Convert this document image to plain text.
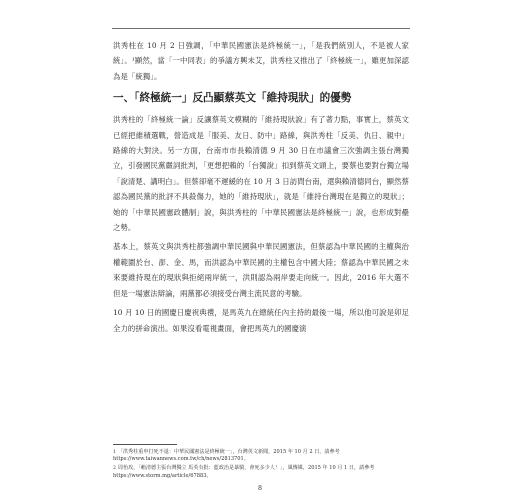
洪秀柱在 10 月 2 日強調，「中華民國憲法是終極統一」，「是我們統別人，不是被人家統」。¹顯然，當「一中同表」的爭議方興未艾，洪秀柱又推出了「終極統一」，雖更加深認為是「統獨」。

一、「終極統一」反凸顯蔡英文「維持現狀」的優勢

洪秀柱的「終極統一論」反讓蔡英文模糊的「維持現狀說」有了著力點，事實上，蔡英文已經把維積選戰，營造成是「服美、友日、防中」路線，與洪秀柱「反美、仇日、親中」路線的大對決。另一方面，台南市市長賴清德 9 月 30 日在市議會三次強調主張台灣獨立，引發國民黨嚴詞批判，「更想把賴的「台獨說」扣到蔡英文頭上，要蔡也要對台獨立場「說清楚、講明白」。但蔡卻毫不遲緩的在 10 月 3 日訪問台南，還與賴清德同台，顯然蔡認為國民黨的批評不具殺傷力，她的「維持現狀」，就是「維持台灣現在是獨立的現狀」；她的「中華民國憲政體制」說，與洪秀柱的「中華民國憲法是終極統一」說，也形成對壘之勢。

基本上，蔡英文與洪秀柱都強調中華民國與中華民國憲法，但蔡認為中華民國的主權與治權範圍於台、澎、金、馬，而洪認為中華民國的主權包含中國大陸；蔡認為中華民國之未來要維持現在的現狀與拒絕兩岸統一，洪則認為兩岸要走向統一。因此，2016 年大選不但是一場憲法辯論，兩黨都必須接受台灣主流民意的考驗。

10 月 10 日的國慶日慶祝典禮，是馬英九在總統任內主持的最後一場，所以他可說是卯足全力的拼命演出。如果沒看電視畫面，會把馬英九的國慶演

1 「洪秀柱重申打死不退：中華民國憲法是終極統一」，台灣英文新聞，2015 年 10 月 2 日，請參考 https://www.taiwannews.com.tw/ch/news/2813701。

2 周怡玫，「賴清德主張台灣獨立 馬英有批：藍政治是暴騎，會死多少人！」，風傳媒，2015 年 10 月 1 日，請參考 https://www.storm.mg/article/67883。

8
